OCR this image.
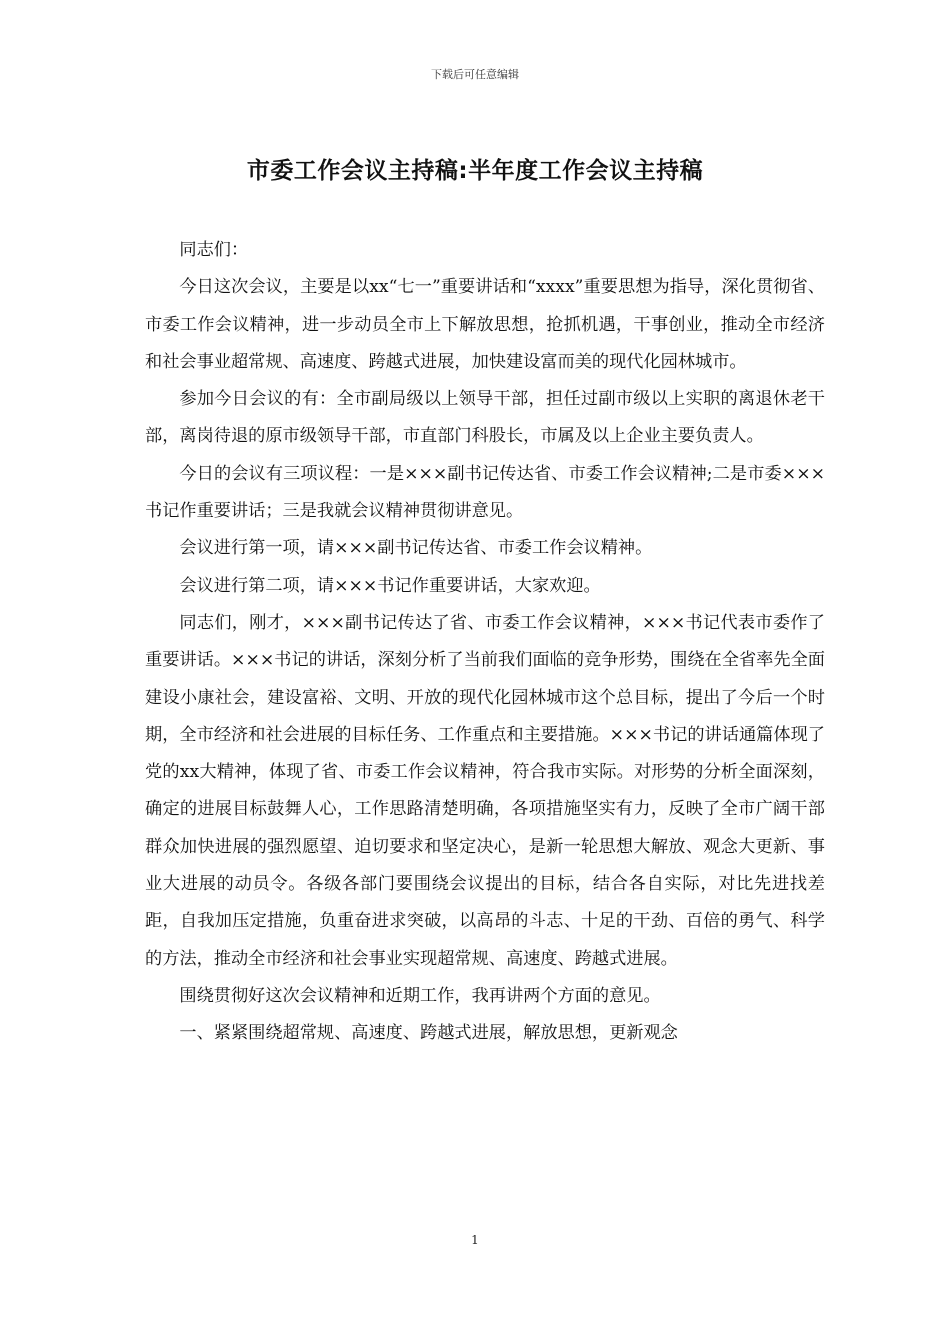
下载后可任意编辑
市委工作会议主持稿:半年度工作会议主持稿

同志们：

今日这次会议，主要是以xx“七一”重要讲话和“xxxx”重要思想为指导，深化贯彻省、市委工作会议精神，进一步动员全市上下解放思想，抢抓机遇，干事创业，推动全市经济和社会事业超常规、高速度、跨越式进展，加快建设富而美的现代化园林城市。

参加今日会议的有：全市副局级以上领导干部，担任过副市级以上实职的离退休老干部，离岗待退的原市级领导干部，市直部门科股长，市属及以上企业主要负责人。

今日的会议有三项议程：一是×××副书记传达省、市委工作会议精神;二是市委×××书记作重要讲话；三是我就会议精神贯彻讲意见。

会议进行第一项，请×××副书记传达省、市委工作会议精神。

会议进行第二项，请×××书记作重要讲话，大家欢迎。

同志们，刚才，×××副书记传达了省、市委工作会议精神，×××书记代表市委作了重要讲话。×××书记的讲话，深刻分析了当前我们面临的竞争形势，围绕在全省率先全面建设小康社会，建设富裕、文明、开放的现代化园林城市这个总目标，提出了今后一个时期，全市经济和社会进展的目标任务、工作重点和主要措施。×××书记的讲话通篇体现了党的xx大精神，体现了省、市委工作会议精神，符合我市实际。对形势的分析全面深刻，确定的进展目标鼓舞人心，工作思路清楚明确，各项措施坚实有力，反映了全市广阔干部群众加快进展的强烈愿望、迫切要求和坚定决心，是新一轮思想大解放、观念大更新、事业大进展的动员令。各级各部门要围绕会议提出的目标，结合各自实际，对比先进找差距，自我加压定措施，负重奋进求突破，以高昂的斗志、十足的干劲、百倍的勇气、科学的方法，推动全市经济和社会事业实现超常规、高速度、跨越式进展。

围绕贯彻好这次会议精神和近期工作，我再讲两个方面的意见。

一、紧紧围绕超常规、高速度、跨越式进展，解放思想，更新观念

1
